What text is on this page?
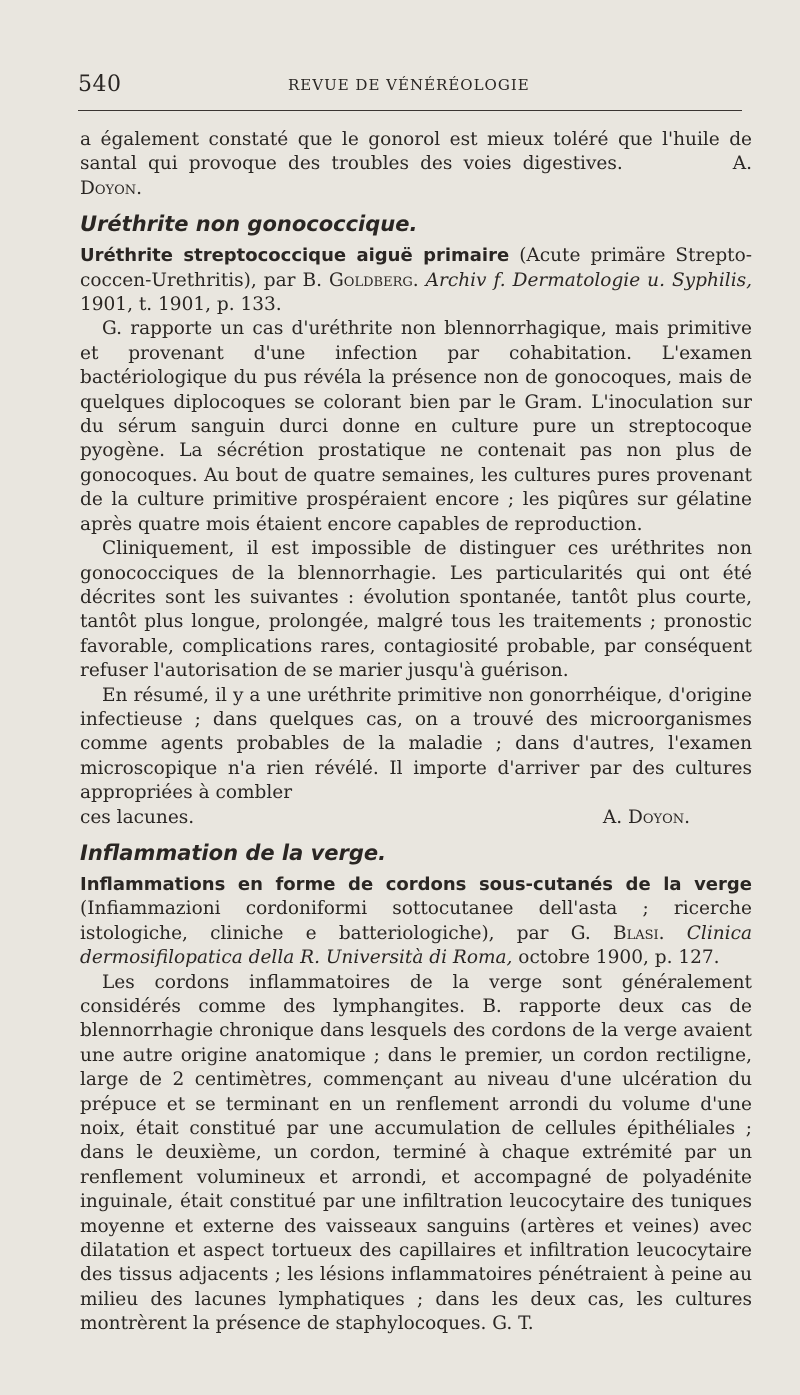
540	REVUE DE VÉNÉRÉOLOGIE

a également constaté que le gonorol est mieux toléré que l'huile de santal qui provoque des troubles des voies digestives.	A. Doyon.

Uréthrite non gonococcique.

Uréthrite streptococcique aiguë primaire (Acute primäre Strepto-coccen-Urethritis), par B. Goldberg. Archiv f. Dermatologie u. Syphilis, 1901, t. 1901, p. 133.

G. rapporte un cas d'uréthrite non blennorrhagique, mais primitive et provenant d'une infection par cohabitation. L'examen bactériologique du pus révéla la présence non de gonocoques, mais de quelques diplocoques se colorant bien par le Gram. L'inoculation sur du sérum sanguin durci donne en culture pure un streptocoque pyogène. La sécrétion prostatique ne contenait pas non plus de gonocoques. Au bout de quatre semaines, les cultures pures provenant de la culture primitive prospéraient encore ; les piqûres sur gélatine après quatre mois étaient encore capables de reproduction.

Cliniquement, il est impossible de distinguer ces uréthrites non gonococciques de la blennorrhagie. Les particularités qui ont été décrites sont les suivantes : évolution spontanée, tantôt plus courte, tantôt plus longue, prolongée, malgré tous les traitements ; pronostic favorable, complications rares, contagiosité probable, par conséquent refuser l'autorisation de se marier jusqu'à guérison.

En résumé, il y a une uréthrite primitive non gonorrhéique, d'origine infectieuse ; dans quelques cas, on a trouvé des microorganismes comme agents probables de la maladie ; dans d'autres, l'examen microscopique n'a rien révélé. Il importe d'arriver par des cultures appropriées à combler

ces lacunes.	A. Doyon.
Inflammation de la verge.

Inflammations en forme de cordons sous-cutanés de la verge (Infiammazioni cordoniformi sottocutanee dell'asta ; ricerche istologiche, cliniche e batteriologiche), par G. Blasi. Clinica dermosifilopatica della R. Università di Roma, octobre 1900, p. 127.

Les cordons inflammatoires de la verge sont généralement considérés comme des lymphangites. B. rapporte deux cas de blennorrhagie chronique dans lesquels des cordons de la verge avaient une autre origine anatomique ; dans le premier, un cordon rectiligne, large de 2 centimètres, commençant au niveau d'une ulcération du prépuce et se terminant en un renflement arrondi du volume d'une noix, était constitué par une accumulation de cellules épithéliales ; dans le deuxième, un cordon, terminé à chaque extrémité par un renflement volumineux et arrondi, et accompagné de polyadénite inguinale, était constitué par une infiltration leucocytaire des tuniques moyenne et externe des vaisseaux sanguins (artères et veines) avec dilatation et aspect tortueux des capillaires et infiltration leucocytaire des tissus adjacents ; les lésions inflammatoires pénétraient à peine au milieu des lacunes lymphatiques ; dans les deux cas, les cultures montrèrent la présence de staphylocoques. G. T.
